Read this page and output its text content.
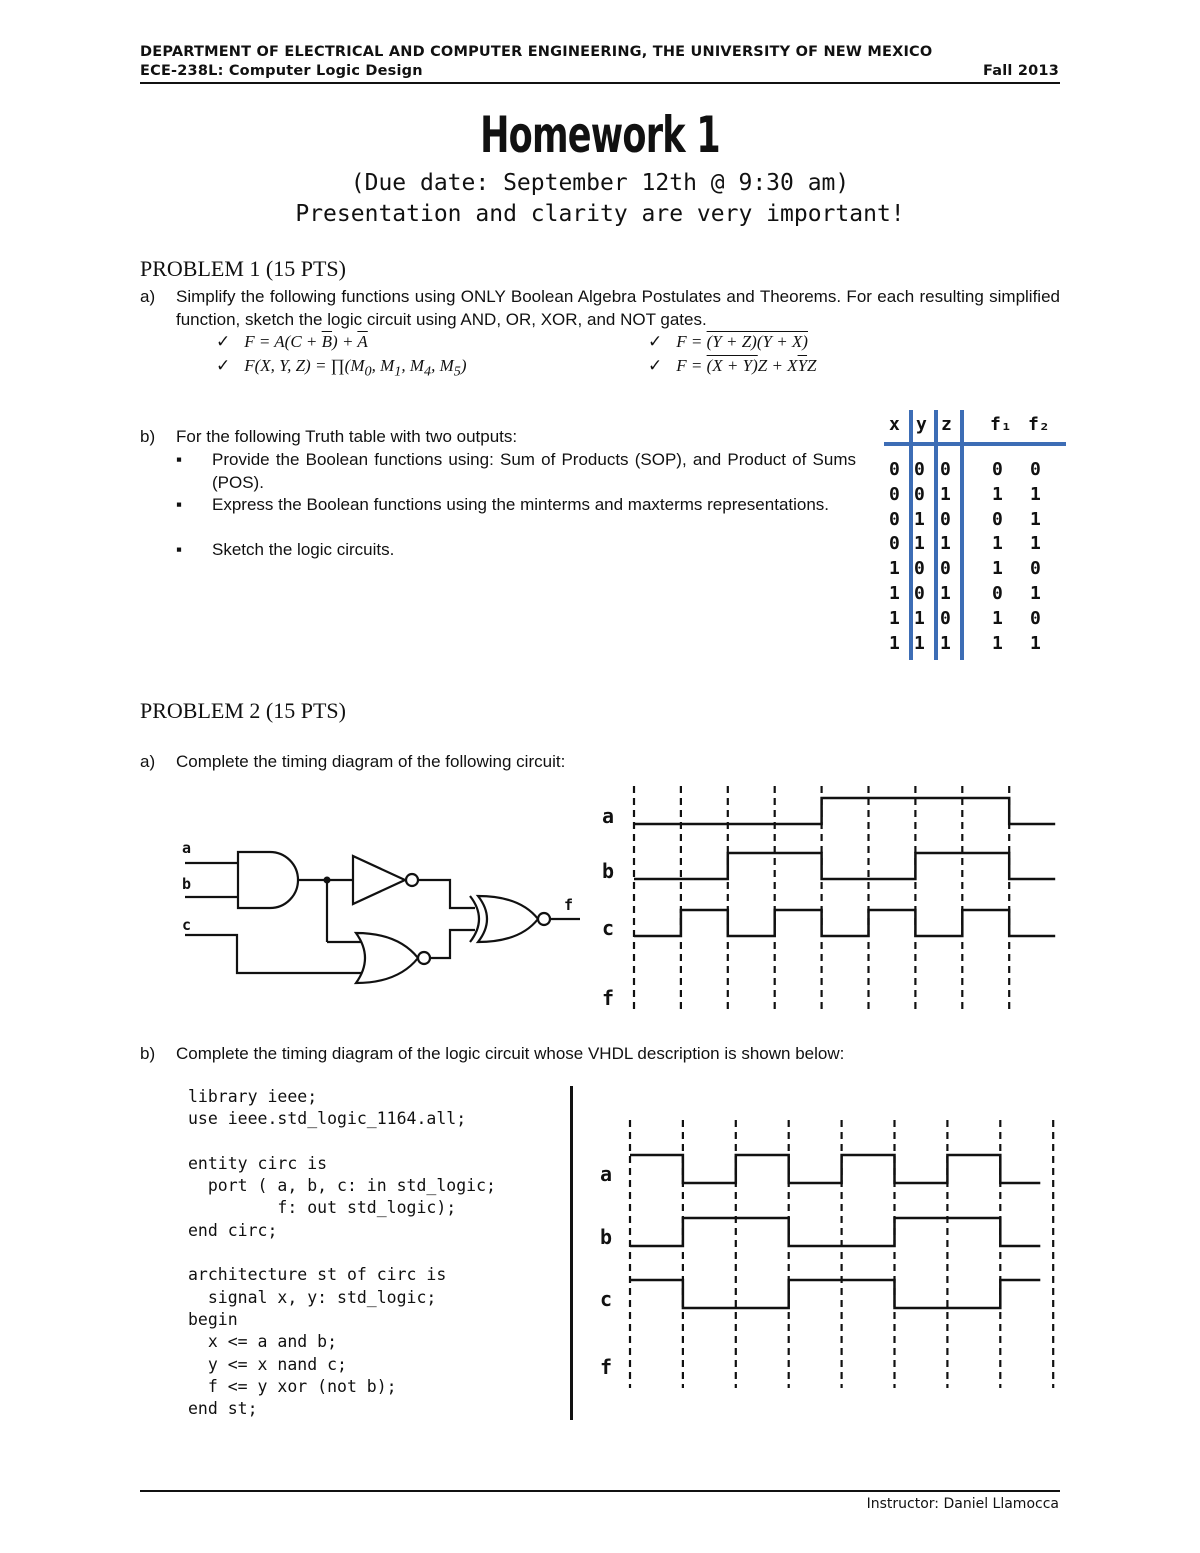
DEPARTMENT OF ELECTRICAL AND COMPUTER ENGINEERING, THE UNIVERSITY OF NEW MEXICO
ECE-238L: Computer Logic Design	Fall 2013
Homework 1
(Due date: September 12th @ 9:30 am)
Presentation and clarity are very important!
PROBLEM 1 (15 PTS)
a) Simplify the following functions using ONLY Boolean Algebra Postulates and Theorems. For each resulting simplified function, sketch the logic circuit using AND, OR, XOR, and NOT gates.
✓ $F = A(C + \overline{B}) + \overline{A}$
✓ F(X, Y, $Z) = \prod(M_0$, $M_1$, $M_4$, $M_5$)
✓ F = (Y + Z)(Y + X)
✓ $F = (X + Y)Z + X\overline{Y}Z$
b) For the following Truth table with two outputs:
▪ Provide the Boolean functions using: Sum of Products (SOP), and Product of Sums (POS).
▪ Express the Boolean functions using the minterms and maxterms representations.
▪ Sketch the logic circuits.
x y z f₁ f₂
0 0 0 0 0
0 0 1 1 1
0 1 0 0 1
0 1 1 1 1
1 0 0 1 0
1 0 1 0 1
1 1 0 1 0
1 1 1 1 1
PROBLEM 2 (15 PTS)
a) Complete the timing diagram of the following circuit:
a
b
c
f
a
b
c
f
b) Complete the timing diagram of the logic circuit whose VHDL description is shown below:
library ieee;
use ieee.std_logic_1164.all;

entity circ is
port ( a, b, c: in std_logic;
f: out std_logic);
end circ;

architecture st of circ is
signal x, y: std_logic;
begin
x <= a and b;
y <= x nand c;
f <= y xor (not b);
end st;
a
b
c
f
Instructor: Daniel Llamocca
